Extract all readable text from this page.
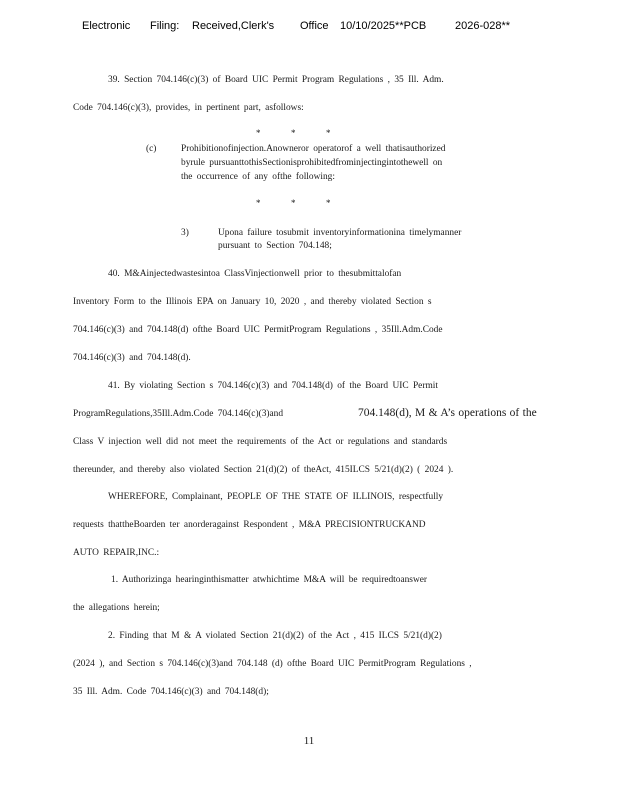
Electronic Filing: Received,Clerk's Office 10/10/2025**PCB	2026-028**
39. Section 704.146(c)(3) of Board UIC Permit Program Regulations , 35 Ill. Adm.
Code 704.146(c)(3), provides, in pertinent part, asfollows:
*	*	*
(c)	Prohibitionofinjection.Anowneror operatorof a well thatisauthorized
byrule pursuanttothisSectionisprohibitedfrominjectingintothewell on
the occurrence of any ofthe following:
*	*	*
3)	Upona failure tosubmit inventoryinformationina timelymanner
pursuant to Section 704.148;
40. M&Ainjectedwastesintoa ClassVinjectionwell prior to thesubmittalofan
Inventory Form to the Illinois EPA on January 10, 2020 , and thereby violated Section s
704.146(c)(3) and 704.148(d) ofthe Board UIC PermitProgram Regulations , 35Ill.Adm.Code
704.146(c)(3) and 704.148(d).
41. By violating Section s 704.146(c)(3) and 704.148(d) of the Board UIC Permit
ProgramRegulations,35Ill.Adm.Code 704.146(c)(3)and	704.148(d), M & A’s operations of the
Class V injection well did not meet the requirements of the Act or regulations and standards
thereunder, and thereby also violated Section 21(d)(2) of theAct, 415ILCS 5/21(d)(2) ( 2024 ).
WHEREFORE, Complainant, PEOPLE OF THE STATE OF ILLINOIS, respectfully
requests thattheBoarden ter anorderagainst Respondent , M&A PRECISIONTRUCKAND
AUTO REPAIR,INC.:
1. Authorizinga hearinginthismatter atwhichtime M&A will be requiredtoanswer
the allegations herein;
2. Finding that M & A violated Section 21(d)(2) of the Act , 415 ILCS 5/21(d)(2)
(2024 ), and Section s 704.146(c)(3)and 704.148 (d) ofthe Board UIC PermitProgram Regulations ,
35 Ill. Adm. Code 704.146(c)(3) and 704.148(d);
11
